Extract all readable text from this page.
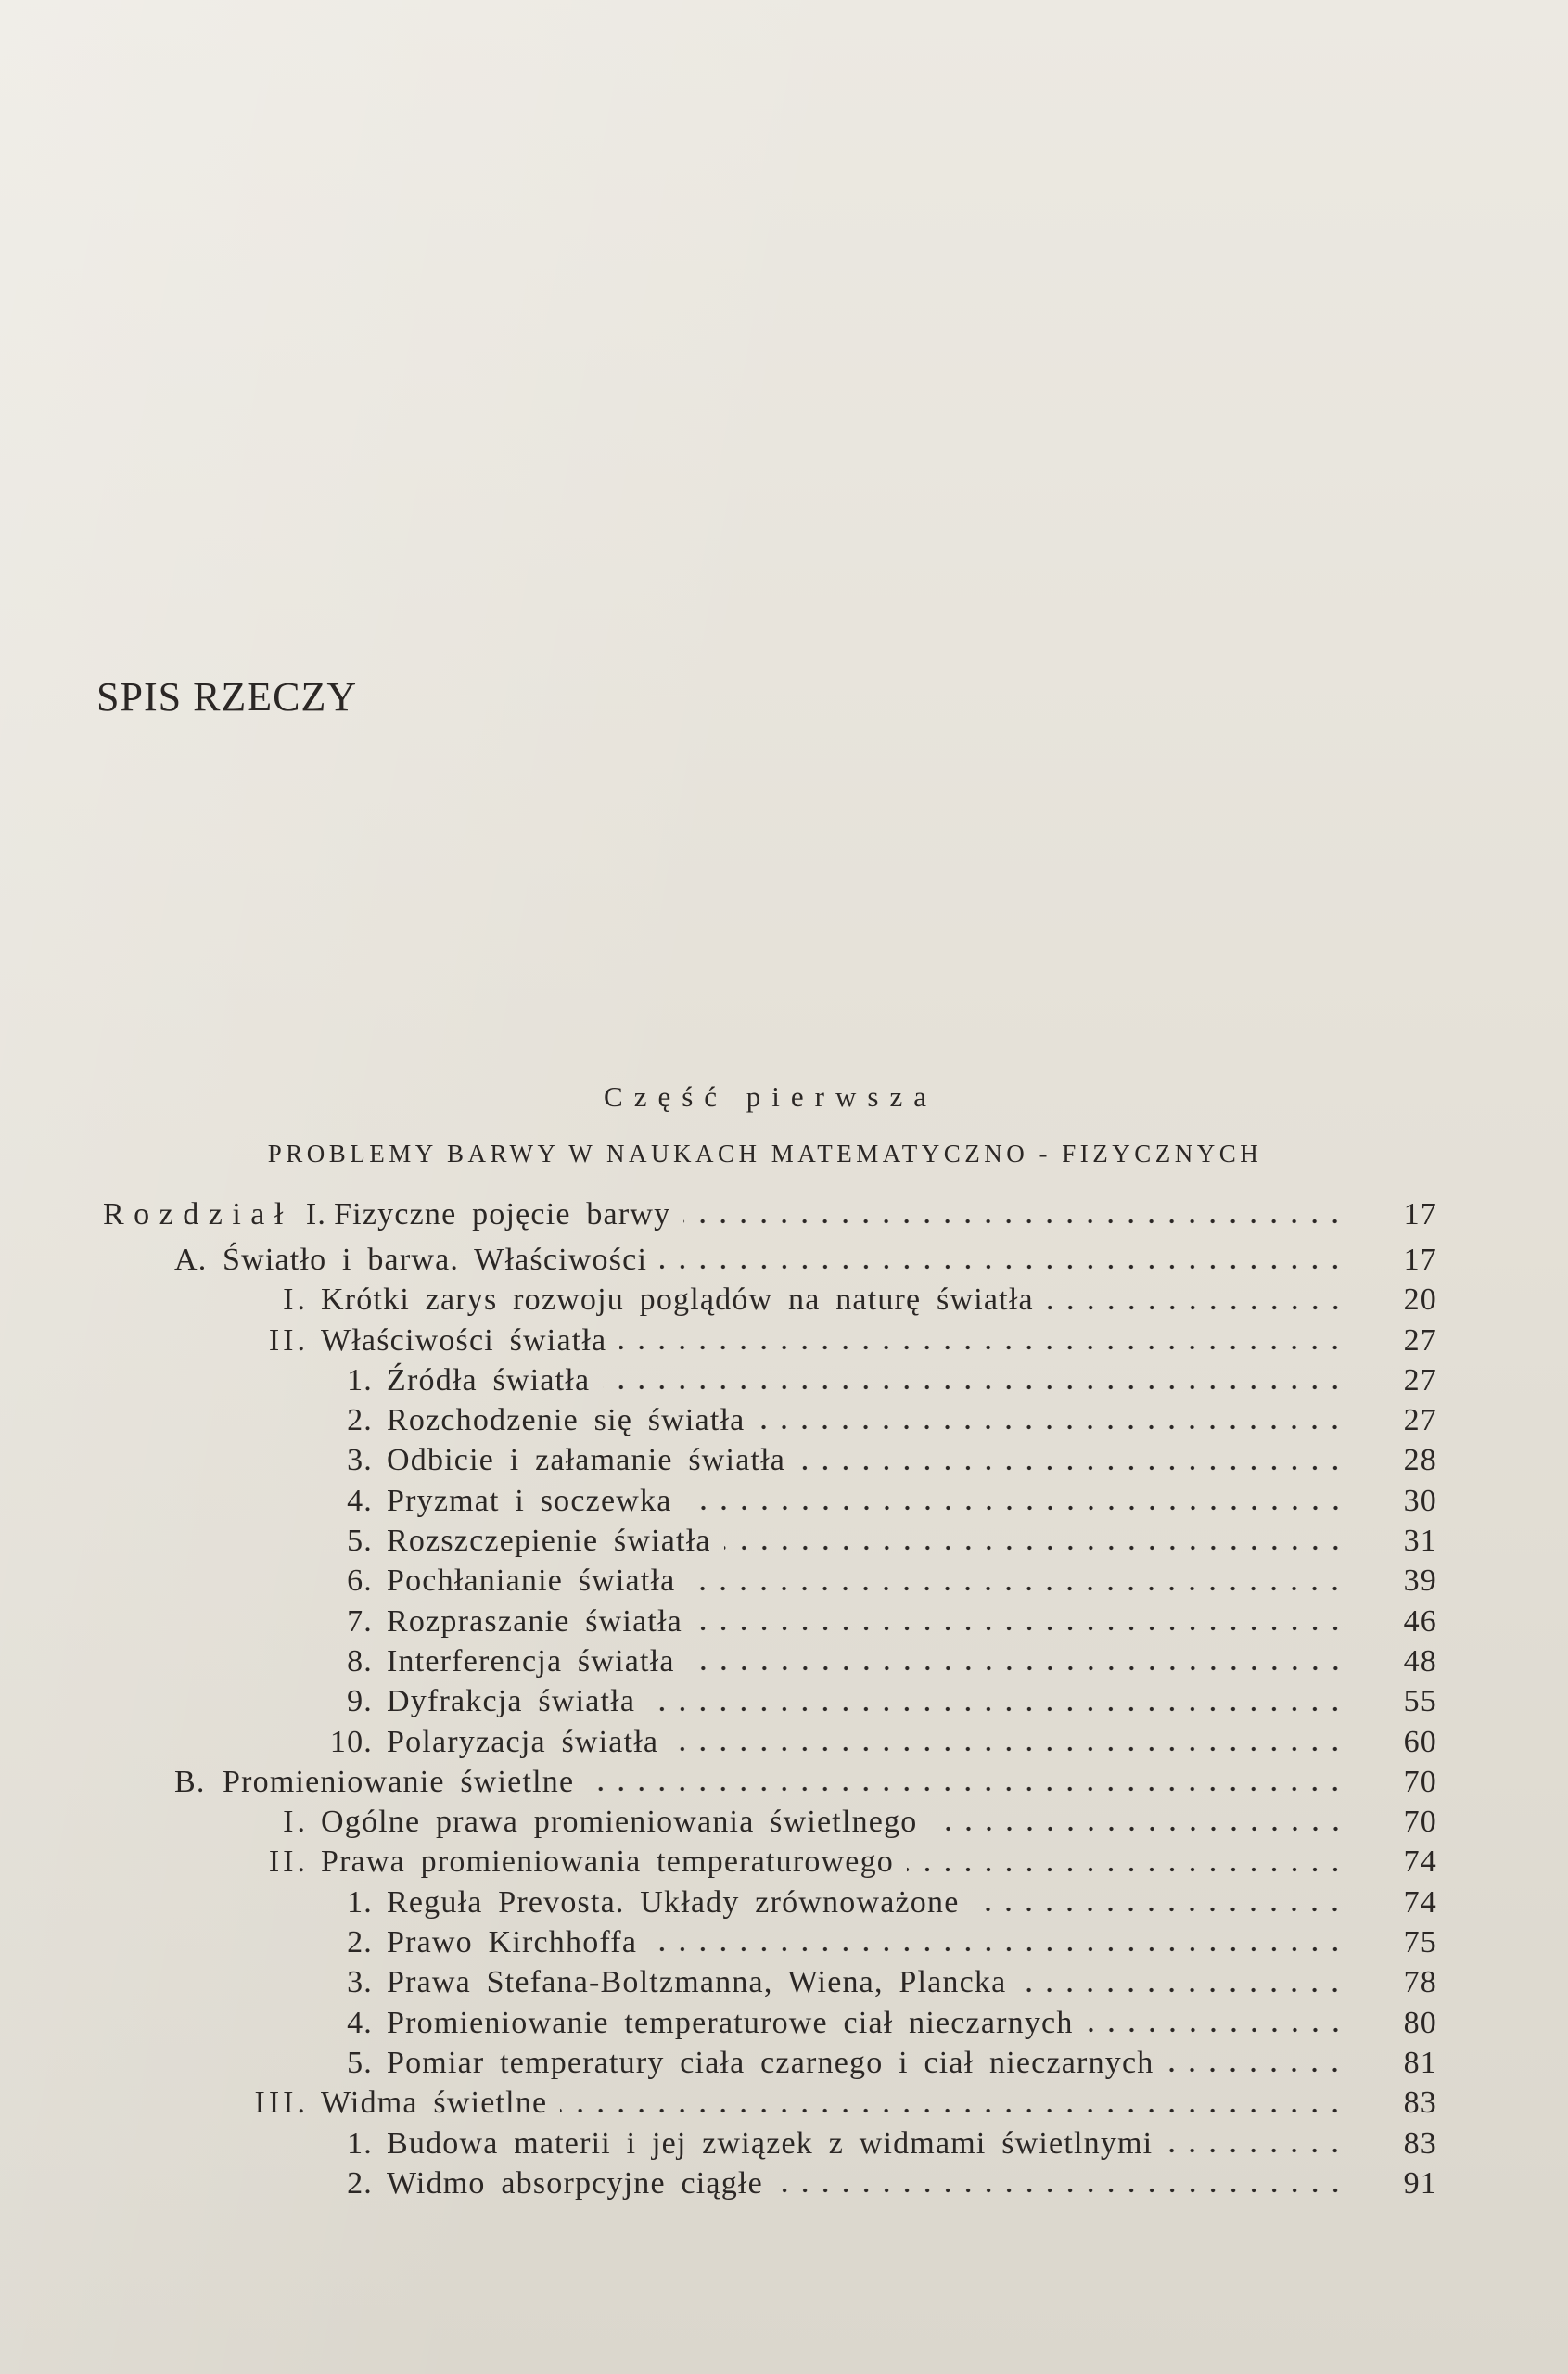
SPIS RZECZY
Część pierwsza
PROBLEMY BARWY W NAUKACH MATEMATYCZNO - FIZYCZNYCH
Rozdział I. Fizyczne pojęcie barwy	17
A. Światło i barwa. Właściwości	17
I. Krótki zarys rozwoju poglądów na naturę światła	20
II. Właściwości światła	27
1. Źródła światła	27
2. Rozchodzenie się światła	27
3. Odbicie i załamanie światła	28
4. Pryzmat i soczewka	30
5. Rozszczepienie światła	31
6. Pochłanianie światła	39
7. Rozpraszanie światła	46
8. Interferencja światła	48
9. Dyfrakcja światła	55
10. Polaryzacja światła	60
B. Promieniowanie świetlne	70
I. Ogólne prawa promieniowania świetlnego	70
II. Prawa promieniowania temperaturowego	74
1. Reguła Prevosta. Układy zrównoważone	74
2. Prawo Kirchhoffa	75
3. Prawa Stefana-Boltzmanna, Wiena, Plancka	78
4. Promieniowanie temperaturowe ciał nieczarnych	80
5. Pomiar temperatury ciała czarnego i ciał nieczarnych	81
III. Widma świetlne	83
1. Budowa materii i jej związek z widmami świetlnymi	83
2. Widmo absorpcyjne ciągłe	91
